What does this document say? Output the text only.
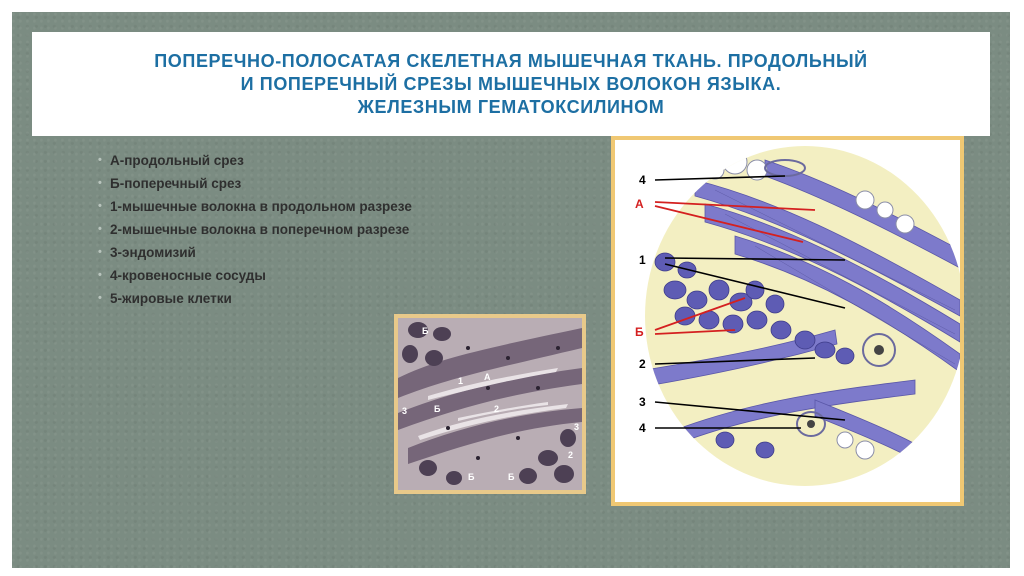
ПОПЕРЕЧНО-ПОЛОСАТАЯ СКЕЛЕТНАЯ МЫШЕЧНАЯ ТКАНЬ. ПРОДОЛЬНЫЙ
И ПОПЕРЕЧНЫЙ СРЕЗЫ МЫШЕЧНЫХ ВОЛОКОН ЯЗЫКА.
ЖЕЛЕЗНЫМ ГЕМАТОКСИЛИНОМ
• А-продольный срез
• Б-поперечный срез
• 1-мышечные волокна в продольном разрезе
• 2-мышечные волокна в поперечном разрезе
• 3-эндомизий
• 4-кровеносные сосуды
• 5-жировые клетки
Б
1 А
Б	2
3
3
Б	Б
2
4
А
1
Б
2
3
4
